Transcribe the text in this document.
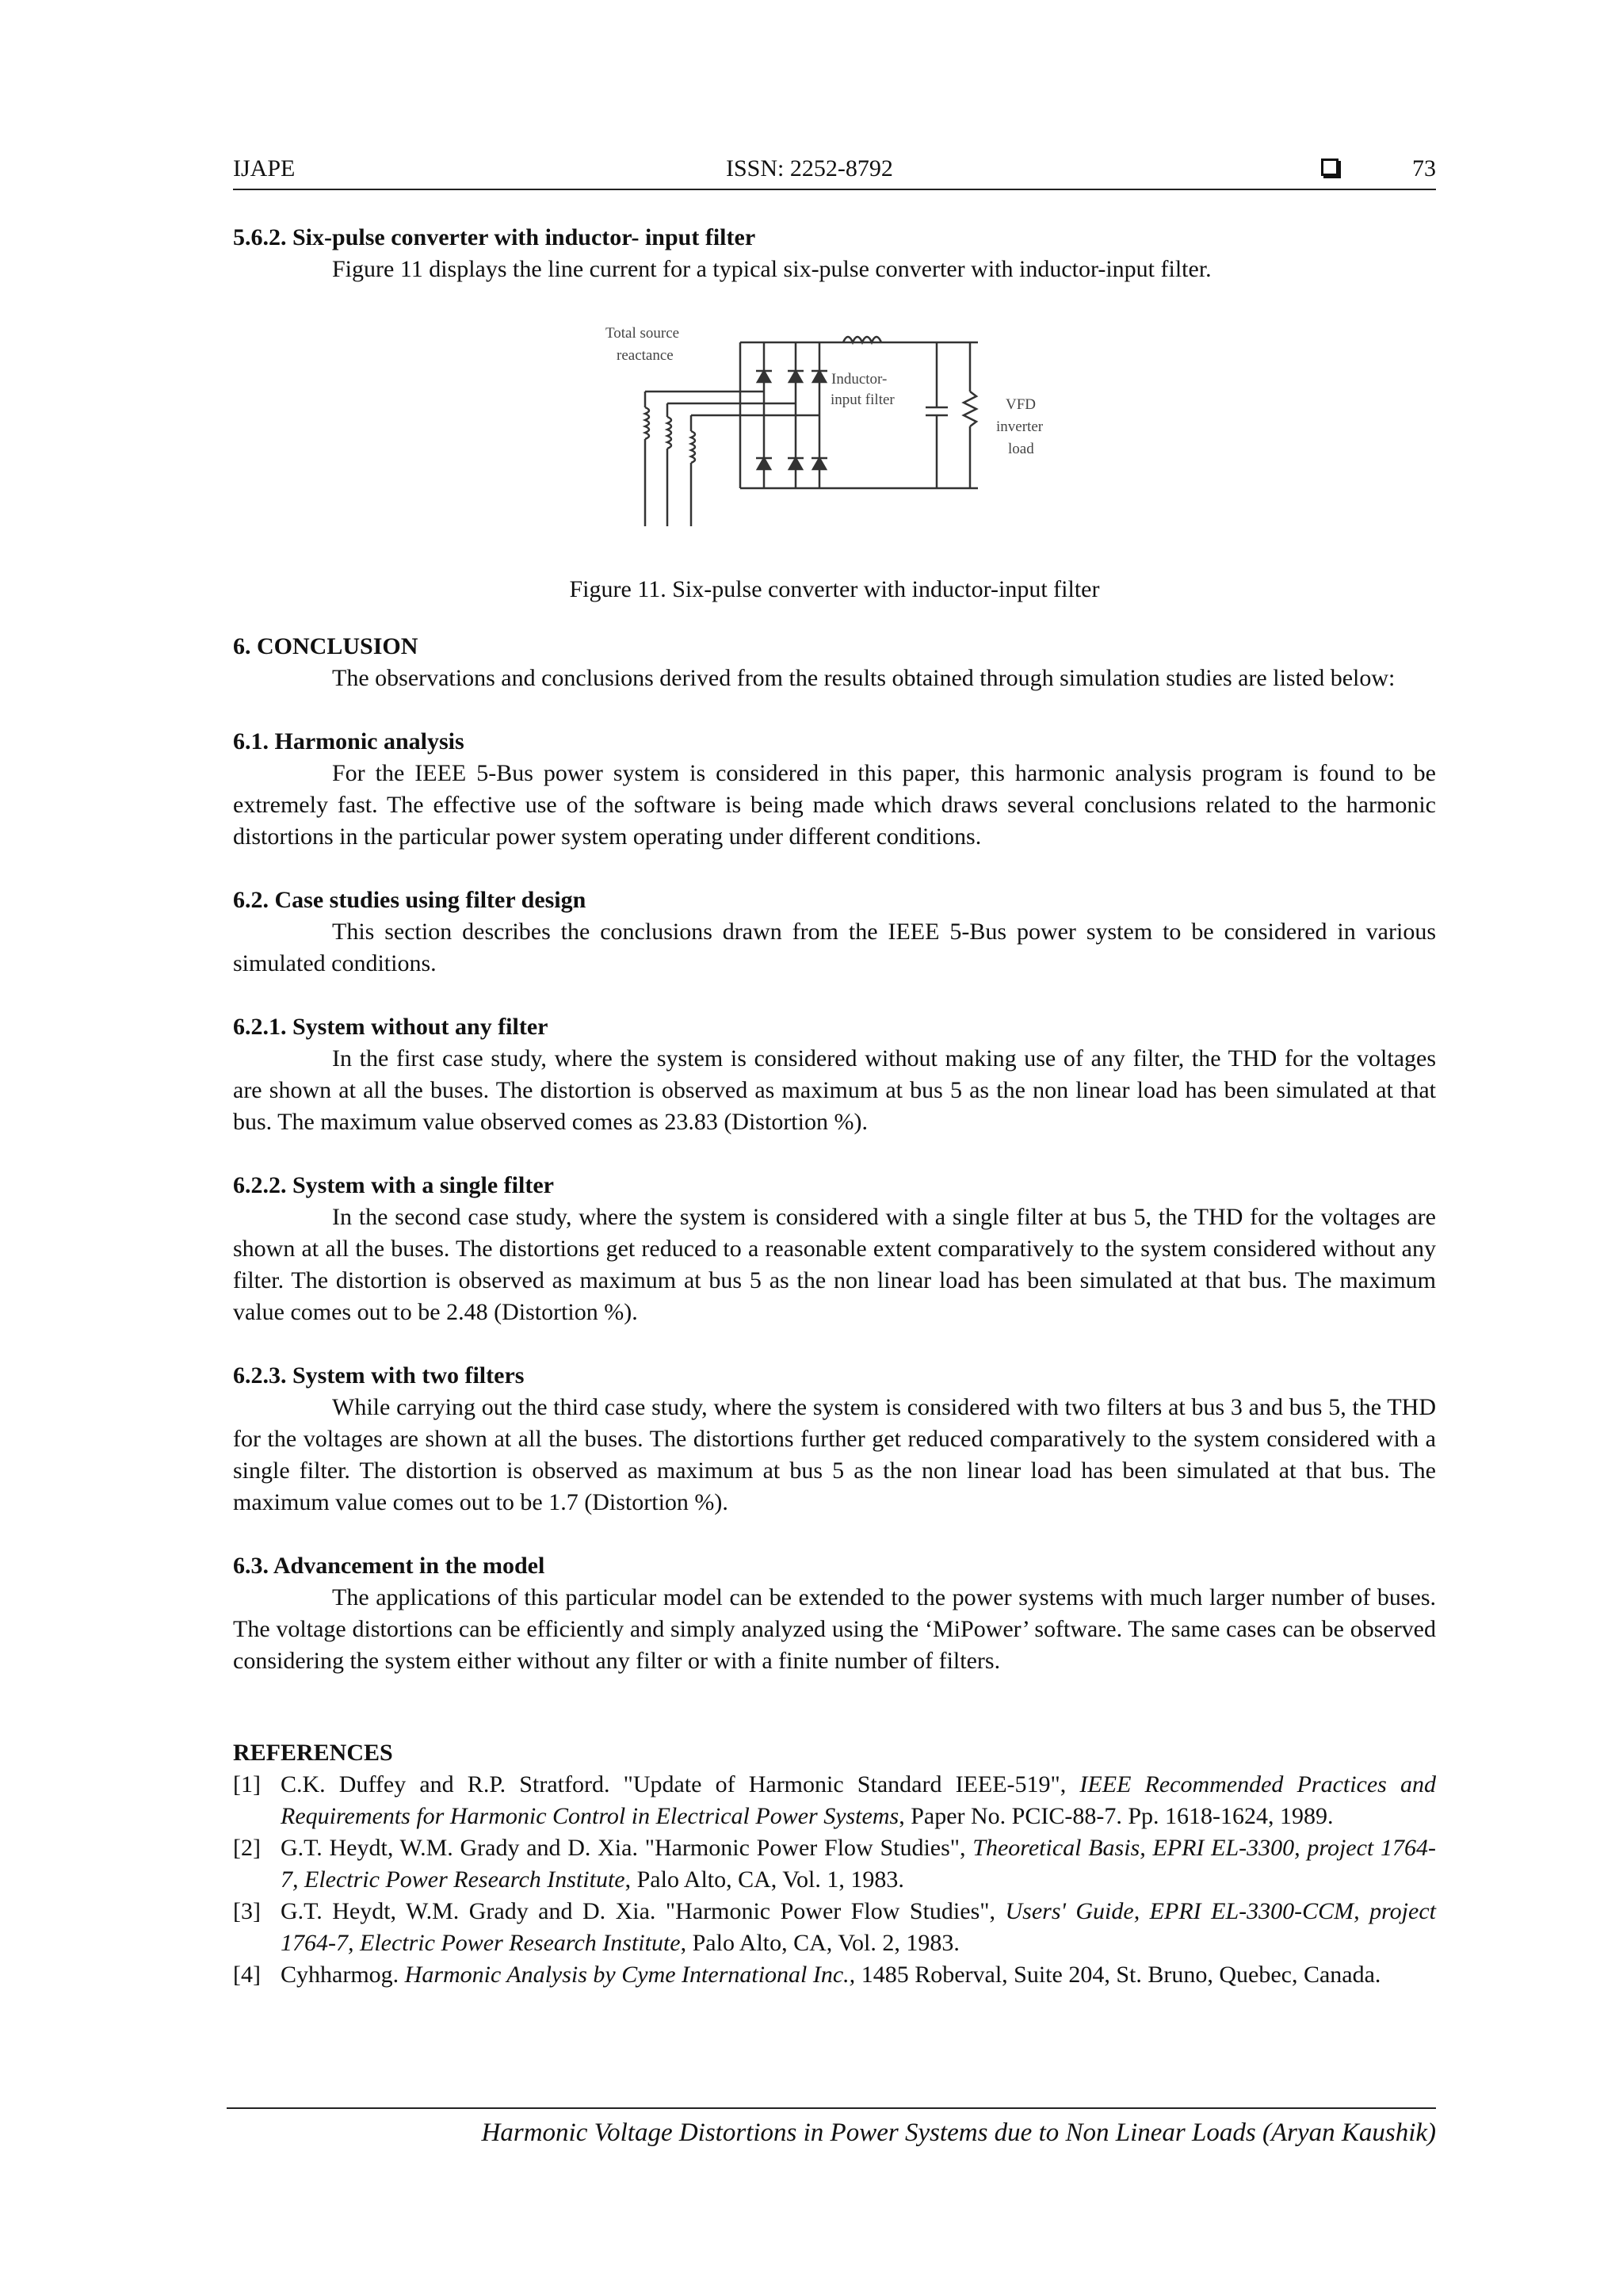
IJAPE	ISSN: 2252-8792	73

5.6.2. Six-pulse converter with inductor- input filter

Figure 11 displays the line current for a typical six-pulse converter with inductor-input filter.

Total source
reactance
Inductor-
input filter	VFD
inverter
load

Figure 11. Six-pulse converter with inductor-input filter

6. CONCLUSION

The observations and conclusions derived from the results obtained through simulation studies are listed below:

6.1. Harmonic analysis

For the IEEE 5-Bus power system is considered in this paper, this harmonic analysis program is found to be extremely fast. The effective use of the software is being made which draws several conclusions related to the harmonic distortions in the particular power system operating under different conditions.

6.2. Case studies using filter design

This section describes the conclusions drawn from the IEEE 5-Bus power system to be considered in various simulated conditions.

6.2.1. System without any filter

In the first case study, where the system is considered without making use of any filter, the THD for the voltages are shown at all the buses. The distortion is observed as maximum at bus 5 as the non linear load has been simulated at that bus. The maximum value observed comes as 23.83 (Distortion %).

6.2.2. System with a single filter

In the second case study, where the system is considered with a single filter at bus 5, the THD for the voltages are shown at all the buses. The distortions get reduced to a reasonable extent comparatively to the system considered without any filter. The distortion is observed as maximum at bus 5 as the non linear load has been simulated at that bus. The maximum value comes out to be 2.48 (Distortion %).

6.2.3. System with two filters

While carrying out the third case study, where the system is considered with two filters at bus 3 and bus 5, the THD for the voltages are shown at all the buses. The distortions further get reduced comparatively to the system considered with a single filter. The distortion is observed as maximum at bus 5 as the non linear load has been simulated at that bus. The maximum value comes out to be 1.7 (Distortion %).

6.3. Advancement in the model

The applications of this particular model can be extended to the power systems with much larger number of buses. The voltage distortions can be efficiently and simply analyzed using the ‘MiPower’ software. The same cases can be observed considering the system either without any filter or with a finite number of filters.

REFERENCES

[1] C.K. Duffey and R.P. Stratford. "Update of Harmonic Standard IEEE-519", IEEE Recommended Practices and Requirements for Harmonic Control in Electrical Power Systems, Paper No. PCIC-88-7. Pp. 1618-1624, 1989.
[2] G.T. Heydt, W.M. Grady and D. Xia. "Harmonic Power Flow Studies", Theoretical Basis, EPRI EL-3300, project 1764-7, Electric Power Research Institute, Palo Alto, CA, Vol. 1, 1983.
[3] G.T. Heydt, W.M. Grady and D. Xia. "Harmonic Power Flow Studies", Users' Guide, EPRI EL-3300-CCM, project 1764-7, Electric Power Research Institute, Palo Alto, CA, Vol. 2, 1983.
[4] Cyhharmog. Harmonic Analysis by Cyme International Inc., 1485 Roberval, Suite 204, St. Bruno, Quebec, Canada.
Harmonic Voltage Distortions in Power Systems due to Non Linear Loads (Aryan Kaushik)
